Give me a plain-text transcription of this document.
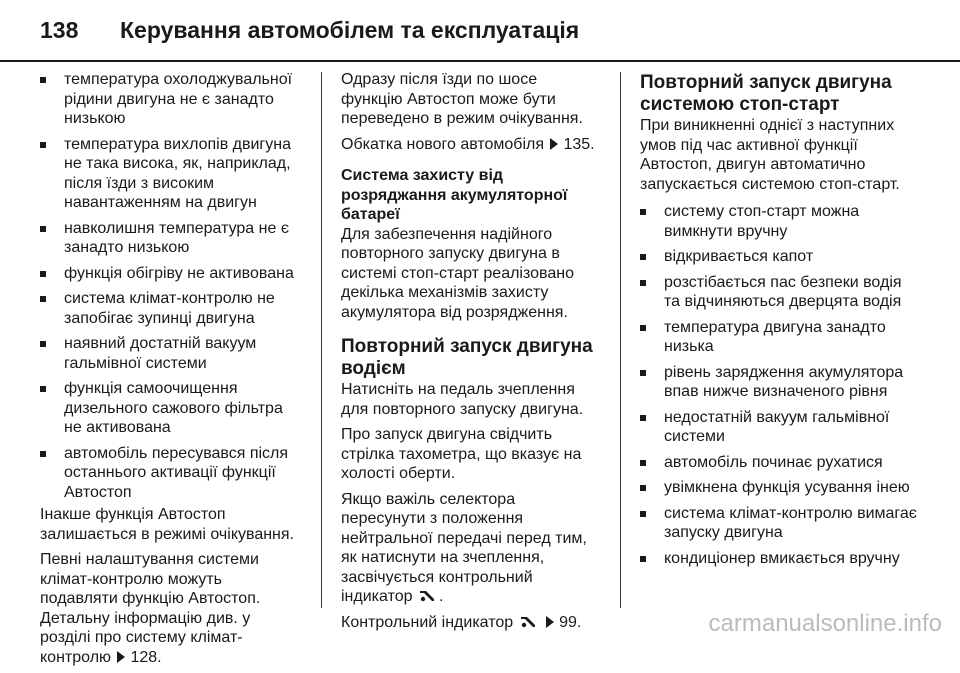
138 Керування автомобілем та експлуатація
температура охолоджувальної рідини двигуна не є занадто низькою
температура вихлопів двигуна не така висока, як, наприклад, після їзди з високим навантаженням на двигун
навколишня температура не є занадто низькою
функція обігріву не активована
система клімат-контролю не запобігає зупинці двигуна
наявний достатній вакуум гальмівної системи
функція самоочищення дизельного сажового фільтра не активована
автомобіль пересувався після останнього активації функції Автостоп

Інакше функція Автостоп залишається в режимі очікування.

Певні налаштування системи клімат-контролю можуть подавляти функцію Автостоп. Детальну інформацію див. у розділі про систему клімат-контролю 128.

Одразу після їзди по шосе функцію Автостоп може бути переведено в режим очікування.

Обкатка нового автомобіля 135.

Система захисту від розряджання акумуляторної батареї

Для забезпечення надійного повторного запуску двигуна в системі стоп-старт реалізовано декілька механізмів захисту акумулятора від розрядження.

Повторний запуск двигуна водієм

Натисніть на педаль зчеплення для повторного запуску двигуна.

Про запуск двигуна свідчить стрілка тахометра, що вказує на холості оберти.

Якщо важіль селектора пересунути з положення нейтральної передачі перед тим, як натиснути на зчеплення, засвічується контрольний індикатор .

Контрольний індикатор	99.

Повторний запуск двигуна системою стоп-старт

При виникненні однієї з наступних умов під час активної функції Автостоп, двигун автоматично запускається системою стоп-старт.

систему стоп-старт можна вимкнути вручну
відкривається капот
розстібається пас безпеки водія та відчиняються дверцята водія
температура двигуна занадто низька
рівень зарядження акумулятора впав нижче визначеного рівня
недостатній вакуум гальмівної системи
автомобіль починає рухатися
увімкнена функція усування інею
система клімат-контролю вимагає запуску двигуна
кондиціонер вмикається вручну
carmanualsonline.info
